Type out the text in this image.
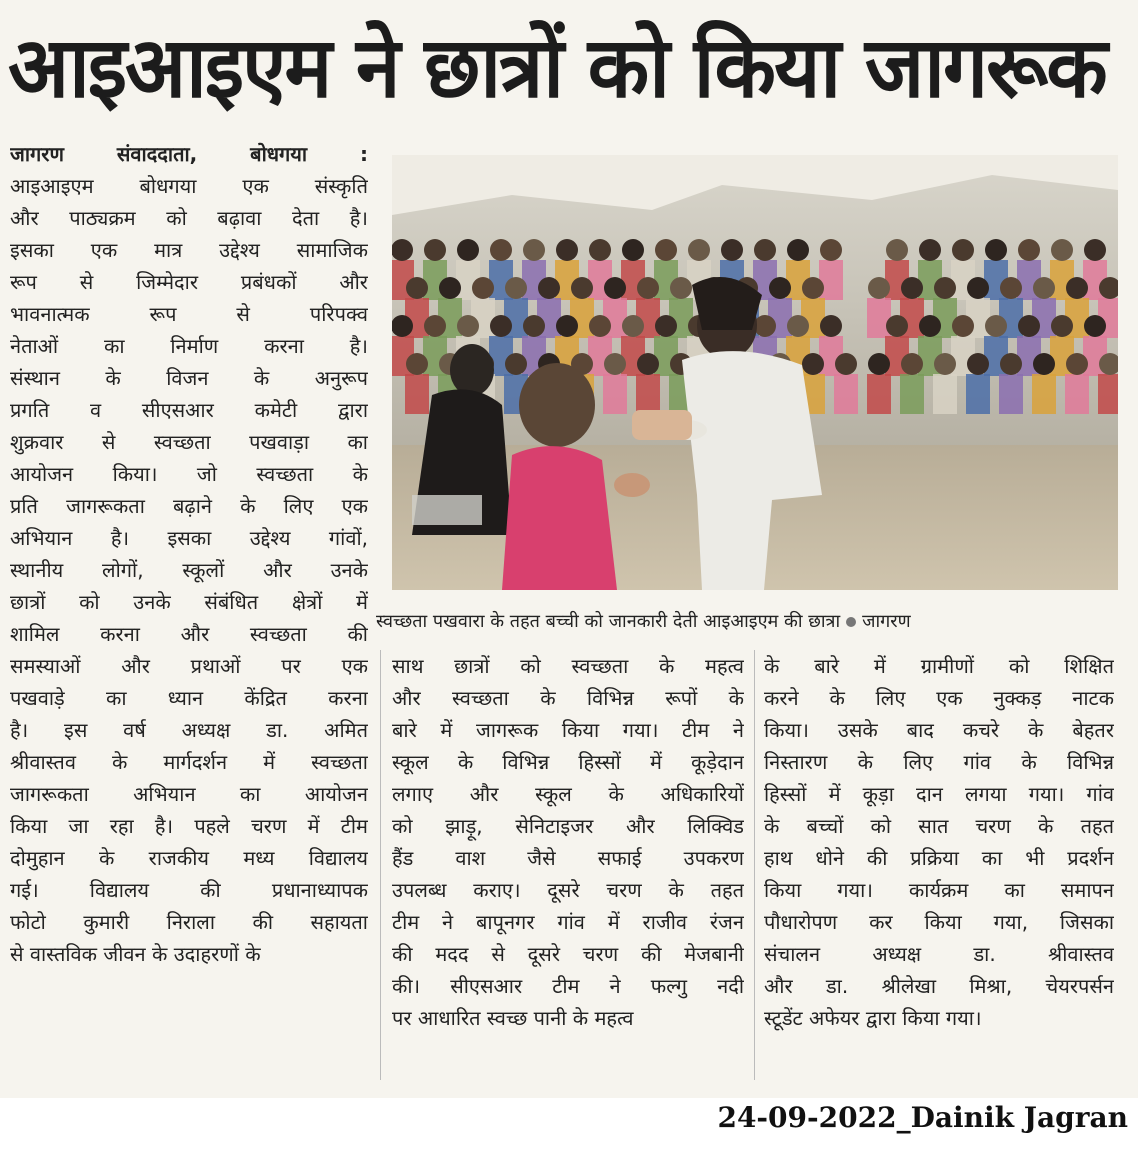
आइआइएम ने छात्रों को किया जागरूक
जागरण संवाददाता, बोधगया :
आइआइएम बोधगया एक संस्कृति
और पाठ्यक्रम को बढ़ावा देता है।
इसका एक मात्र उद्देश्य सामाजिक
रूप से जिम्मेदार प्रबंधकों और
भावनात्मक रूप से परिपक्व
नेताओं का निर्माण करना है।
संस्थान के विजन के अनुरूप
प्रगति व सीएसआर कमेटी द्वारा
शुक्रवार से स्वच्छता पखवाड़ा का
आयोजन किया। जो स्वच्छता के
प्रति जागरूकता बढ़ाने के लिए एक
अभियान है। इसका उद्देश्य गांवों,
स्थानीय लोगों, स्कूलों और उनके
छात्रों को उनके संबंधित क्षेत्रों में
शामिल करना और स्वच्छता की
समस्याओं और प्रथाओं पर एक
पखवाड़े का ध्यान केंद्रित करना
है। इस वर्ष अध्यक्ष डा. अमित
श्रीवास्तव के मार्गदर्शन में स्वच्छता
जागरूकता अभियान का आयोजन
किया जा रहा है। पहले चरण में टीम
दोमुहान के राजकीय मध्य विद्यालय
गई। विद्यालय की प्रधानाध्यापक
फोटो कुमारी निराला की सहायता
से वास्तविक जीवन के उदाहरणों के
स्वच्छता पखवारा के तहत बच्ची को जानकारी देती आइआइएम की छात्रा जागरण
साथ छात्रों को स्वच्छता के महत्व
और स्वच्छता के विभिन्न रूपों के
बारे में जागरूक किया गया। टीम ने
स्कूल के विभिन्न हिस्सों में कूड़ेदान
लगाए और स्कूल के अधिकारियों
को झाड़ू, सेनिटाइजर और लिक्विड
हैंड वाश जैसे सफाई उपकरण
उपलब्ध कराए। दूसरे चरण के तहत
टीम ने बापूनगर गांव में राजीव रंजन
की मदद से दूसरे चरण की मेजबानी
की। सीएसआर टीम ने फल्गु नदी
पर आधारित स्वच्छ पानी के महत्व
के बारे में ग्रामीणों को शिक्षित
करने के लिए एक नुक्कड़ नाटक
किया। उसके बाद कचरे के बेहतर
निस्तारण के लिए गांव के विभिन्न
हिस्सों में कूड़ा दान लगया गया। गांव
के बच्चों को सात चरण के तहत
हाथ धोने की प्रक्रिया का भी प्रदर्शन
किया गया। कार्यक्रम का समापन
पौधारोपण कर किया गया, जिसका
संचालन अध्यक्ष डा. श्रीवास्तव
और डा. श्रीलेखा मिश्रा, चेयरपर्सन
स्टूडेंट अफेयर द्वारा किया गया।
24-09-2022_Dainik Jagran
